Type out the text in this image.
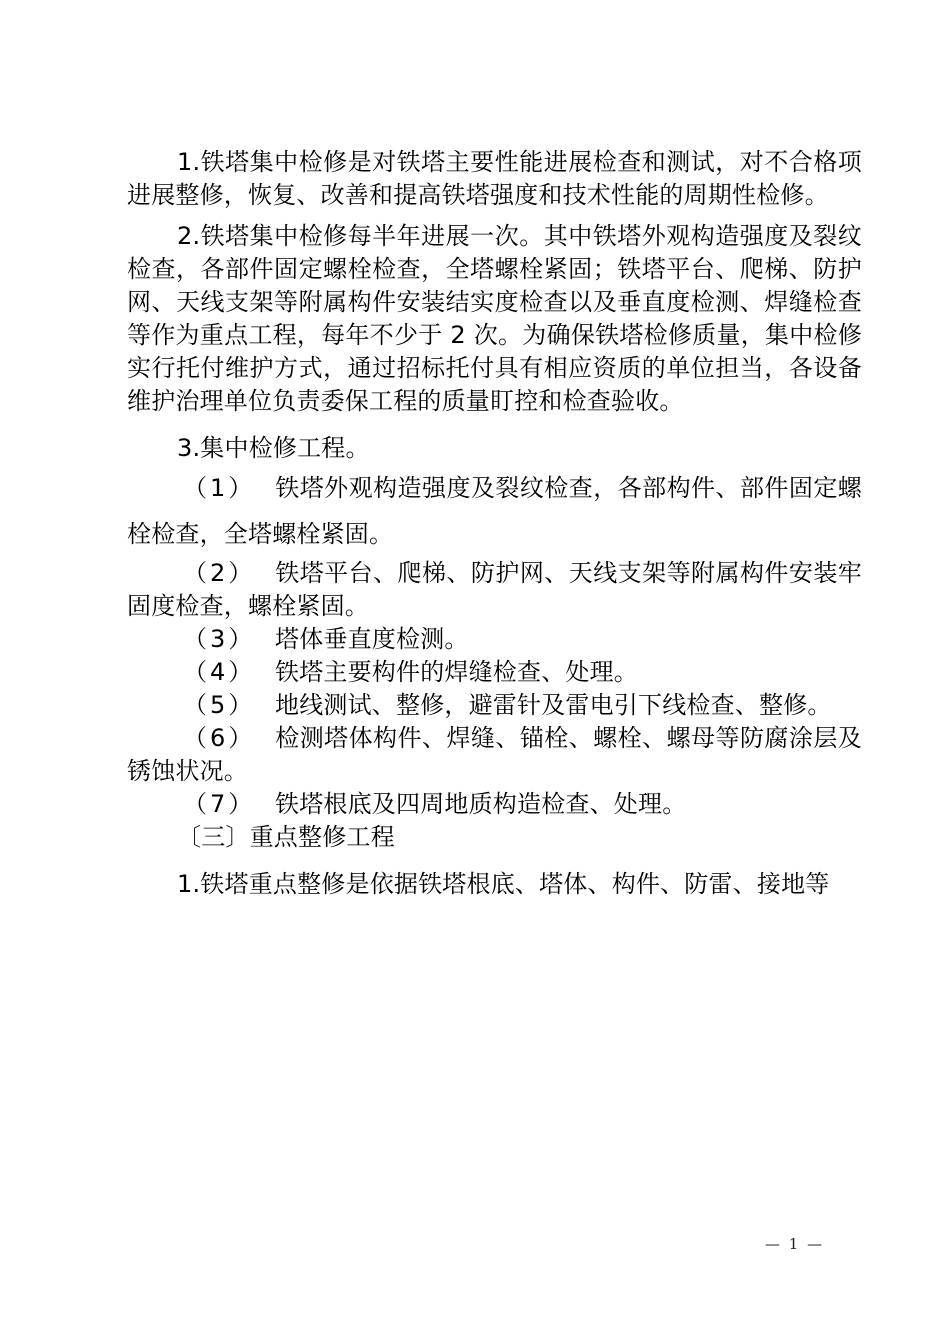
1.铁塔集中检修是对铁塔主要性能进展检查和测试，对不合格项进展整修，恢复、改善和提高铁塔强度和技术性能的周期性检修。

2.铁塔集中检修每半年进展一次。其中铁塔外观构造强度及裂纹检查，各部件固定螺栓检查，全塔螺栓紧固；铁塔平台、爬梯、防护网、天线支架等附属构件安装结实度检查以及垂直度检测、焊缝检查等作为重点工程，每年不少于 2 次。为确保铁塔检修质量，集中检修实行托付维护方式，通过招标托付具有相应资质的单位担当，各设备维护治理单位负责委保工程的质量盯控和检查验收。

3.集中检修工程。

（1） 铁塔外观构造强度及裂纹检查，各部构件、部件固定螺栓检查，全塔螺栓紧固。

（2） 铁塔平台、爬梯、防护网、天线支架等附属构件安装牢 固度检查，螺栓紧固。

（3） 塔体垂直度检测。

（4） 铁塔主要构件的焊缝检查、处理。

（5） 地线测试、整修，避雷针及雷电引下线检查、整修。

（6） 检测塔体构件、焊缝、锚栓、螺栓、螺母等防腐涂层及 锈蚀状况。

（7） 铁塔根底及四周地质构造检查、处理。

〔三〕重点整修工程

1.铁塔重点整修是依据铁塔根底、塔体、构件、防雷、接地等

— 1 —
